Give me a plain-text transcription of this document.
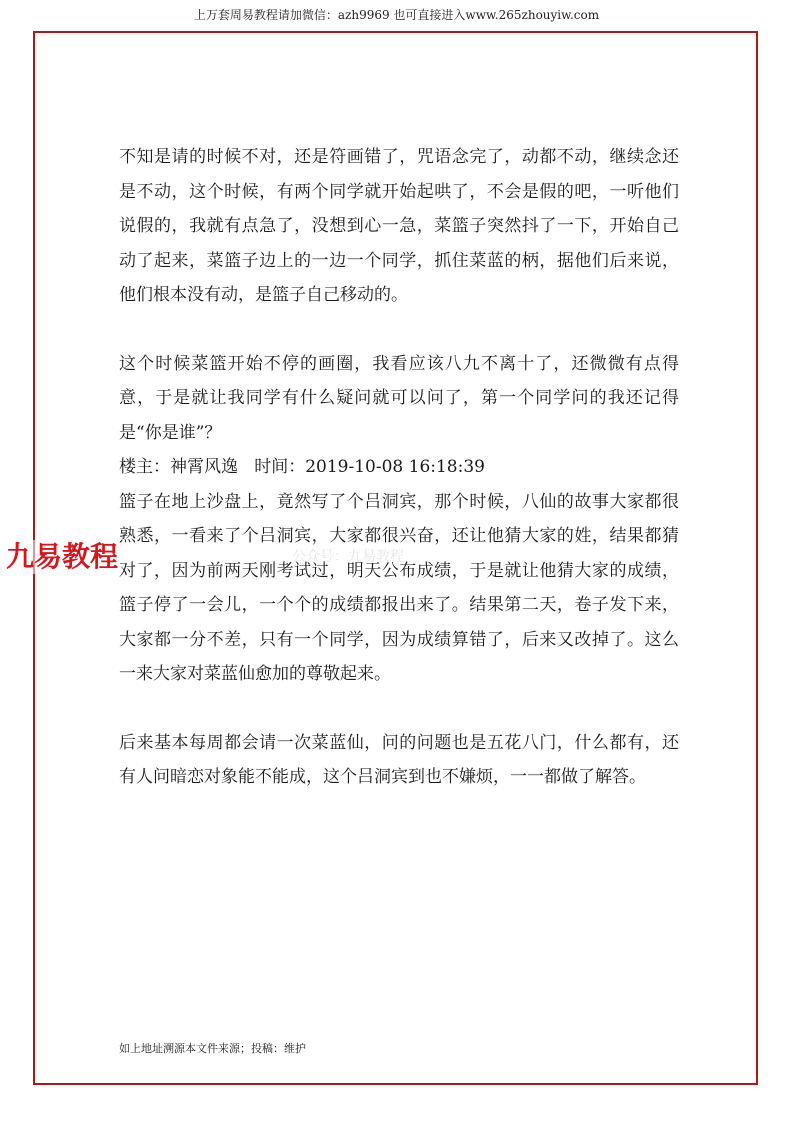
上万套周易教程请加微信：azh9969 也可直接进入www.265zhouyiw.com

不知是请的时候不对，还是符画错了，咒语念完了，动都不动，继续念还是不动，这个时候，有两个同学就开始起哄了，不会是假的吧，一听他们说假的，我就有点急了，没想到心一急，菜篮子突然抖了一下，开始自己动了起来，菜篮子边上的一边一个同学，抓住菜蓝的柄，据他们后来说，他们根本没有动，是篮子自己移动的。

这个时候菜篮开始不停的画圈，我看应该八九不离十了，还微微有点得意，于是就让我同学有什么疑问就可以问了，第一个同学问的我还记得是“你是谁”？

楼主：神霄风逸   时间：2019-10-08 16:18:39

篮子在地上沙盘上，竟然写了个吕洞宾，那个时候，八仙的故事大家都很熟悉，一看来了个吕洞宾，大家都很兴奋，还让他猜大家的姓，结果都猜对了，因为前两天刚考试过，明天公布成绩，于是就让他猜大家的成绩，篮子停了一会儿，一个个的成绩都报出来了。结果第二天，卷子发下来，大家都一分不差，只有一个同学，因为成绩算错了，后来又改掉了。这么一来大家对菜蓝仙愈加的尊敬起来。

后来基本每周都会请一次菜蓝仙，问的问题也是五花八门，什么都有，还有人问暗恋对象能不能成，这个吕洞宾到也不嫌烦，一一都做了解答。

公众号：九易教程
九易教程
如上地址溯源本文件来源；投稿：维护
